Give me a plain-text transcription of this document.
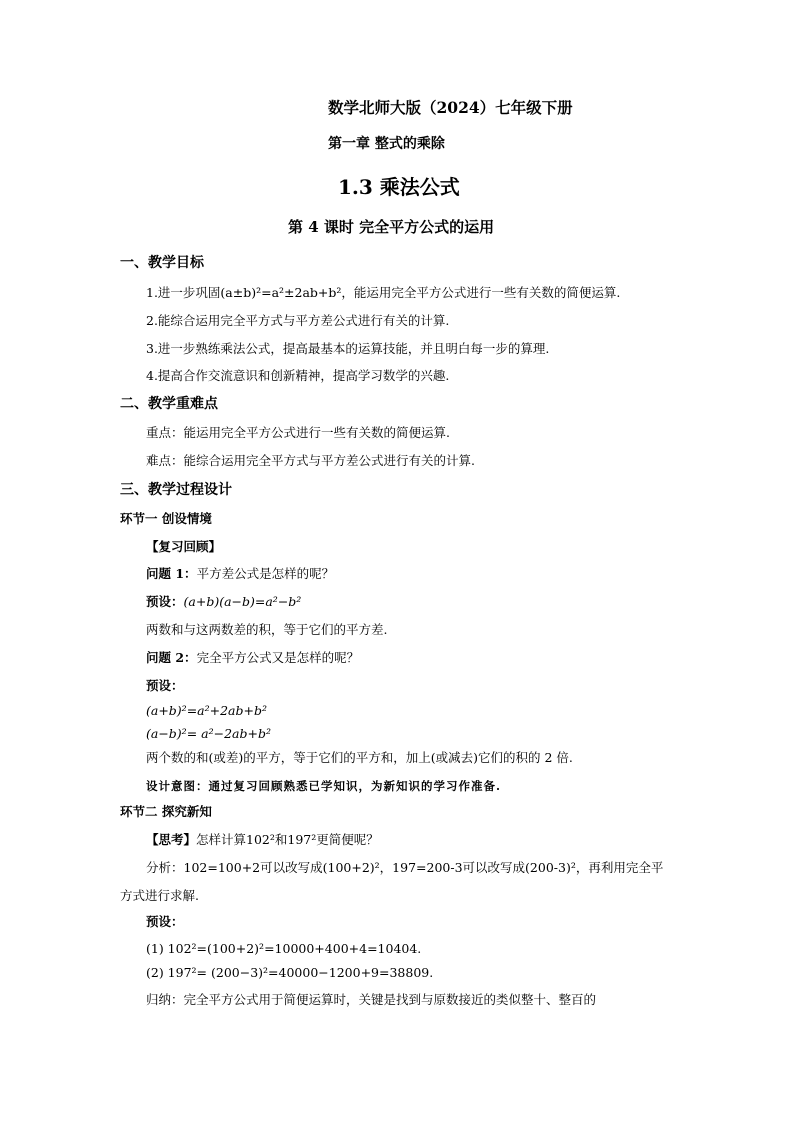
数学北师大版（2024）七年级下册
第一章 整式的乘除
1.3 乘法公式
第 4 课时 完全平方公式的运用
一、教学目标
1.进一步巩固(a±b)²=a²±2ab+b²，能运用完全平方公式进行一些有关数的简便运算.
2.能综合运用完全平方式与平方差公式进行有关的计算.
3.进一步熟练乘法公式，提高最基本的运算技能，并且明白每一步的算理.
4.提高合作交流意识和创新精神，提高学习数学的兴趣.
二、教学重难点
重点：能运用完全平方公式进行一些有关数的简便运算.
难点：能综合运用完全平方式与平方差公式进行有关的计算.
三、教学过程设计
环节一 创设情境
【复习回顾】
问题 1：平方差公式是怎样的呢？
预设：(a+b)(a−b)=a²−b²
两数和与这两数差的积，等于它们的平方差.
问题 2：完全平方公式又是怎样的呢？
预设：
(a+b)²=a²+2ab+b²
(a−b)²= a²−2ab+b²
两个数的和(或差)的平方，等于它们的平方和，加上(或减去)它们的积的 2 倍.
设计意图：通过复习回顾熟悉已学知识，为新知识的学习作准备.
环节二 探究新知
【思考】怎样计算102²和197²更简便呢？
分析：102=100+2可以改写成(100+2)²，197=200-3可以改写成(200-3)²，再利用完全平
方式进行求解.
预设：
(1) 102²=(100+2)²=10000+400+4=10404.
(2) 197²= (200−3)²=40000−1200+9=38809.
归纳：完全平方公式用于简便运算时，关键是找到与原数接近的类似整十、整百的
